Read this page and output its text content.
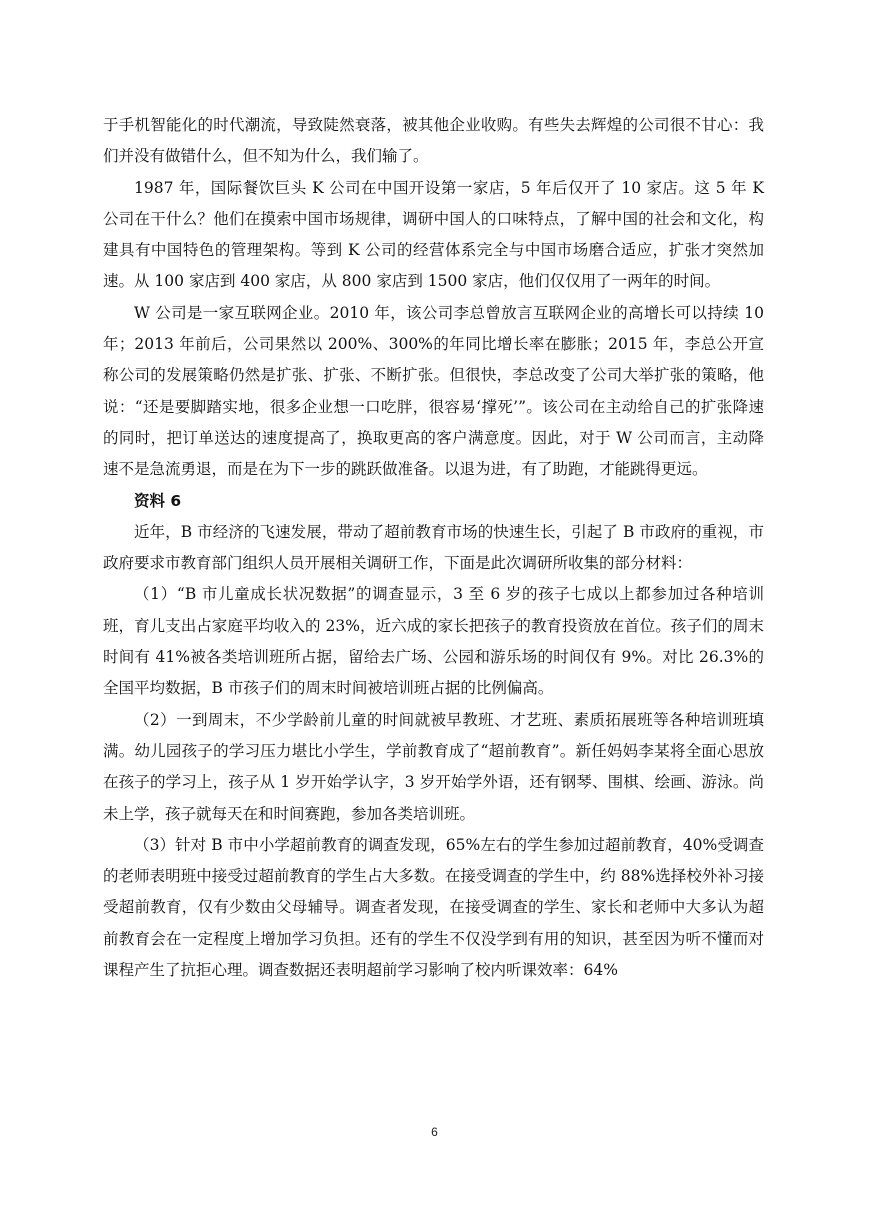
于手机智能化的时代潮流，导致陡然衰落，被其他企业收购。有些失去辉煌的公司很不甘心：我们并没有做错什么，但不知为什么，我们输了。

1987 年，国际餐饮巨头 K 公司在中国开设第一家店，5 年后仅开了 10 家店。这 5 年 K 公司在干什么？他们在摸索中国市场规律，调研中国人的口味特点，了解中国的社会和文化，构建具有中国特色的管理架构。等到 K 公司的经营体系完全与中国市场磨合适应，扩张才突然加速。从 100 家店到 400 家店，从 800 家店到 1500 家店，他们仅仅用了一两年的时间。

W 公司是一家互联网企业。2010 年，该公司李总曾放言互联网企业的高增长可以持续 10 年；2013 年前后，公司果然以 200%、300%的年同比增长率在膨胀；2015 年，李总公开宣称公司的发展策略仍然是扩张、扩张、不断扩张。但很快，李总改变了公司大举扩张的策略，他说：“还是要脚踏实地，很多企业想一口吃胖，很容易‘撑死’”。该公司在主动给自己的扩张降速的同时，把订单送达的速度提高了，换取更高的客户满意度。因此，对于 W 公司而言，主动降速不是急流勇退，而是在为下一步的跳跃做准备。以退为进，有了助跑，才能跳得更远。

资料 6

近年，B 市经济的飞速发展，带动了超前教育市场的快速生长，引起了 B 市政府的重视，市政府要求市教育部门组织人员开展相关调研工作，下面是此次调研所收集的部分材料：

（1）“B 市儿童成长状况数据”的调查显示，3 至 6 岁的孩子七成以上都参加过各种培训班，育儿支出占家庭平均收入的 23%，近六成的家长把孩子的教育投资放在首位。孩子们的周末时间有 41%被各类培训班所占据，留给去广场、公园和游乐场的时间仅有 9%。对比 26.3%的全国平均数据，B 市孩子们的周末时间被培训班占据的比例偏高。

（2）一到周末，不少学龄前儿童的时间就被早教班、才艺班、素质拓展班等各种培训班填满。幼儿园孩子的学习压力堪比小学生，学前教育成了“超前教育”。新任妈妈李某将全面心思放在孩子的学习上，孩子从 1 岁开始学认字，3 岁开始学外语，还有钢琴、围棋、绘画、游泳。尚未上学，孩子就每天在和时间赛跑，参加各类培训班。

（3）针对 B 市中小学超前教育的调查发现，65%左右的学生参加过超前教育，40%受调查的老师表明班中接受过超前教育的学生占大多数。在接受调查的学生中，约 88%选择校外补习接受超前教育，仅有少数由父母辅导。调查者发现，在接受调查的学生、家长和老师中大多认为超前教育会在一定程度上增加学习负担。还有的学生不仅没学到有用的知识，甚至因为听不懂而对课程产生了抗拒心理。调查数据还表明超前学习影响了校内听课效率：64%

6
